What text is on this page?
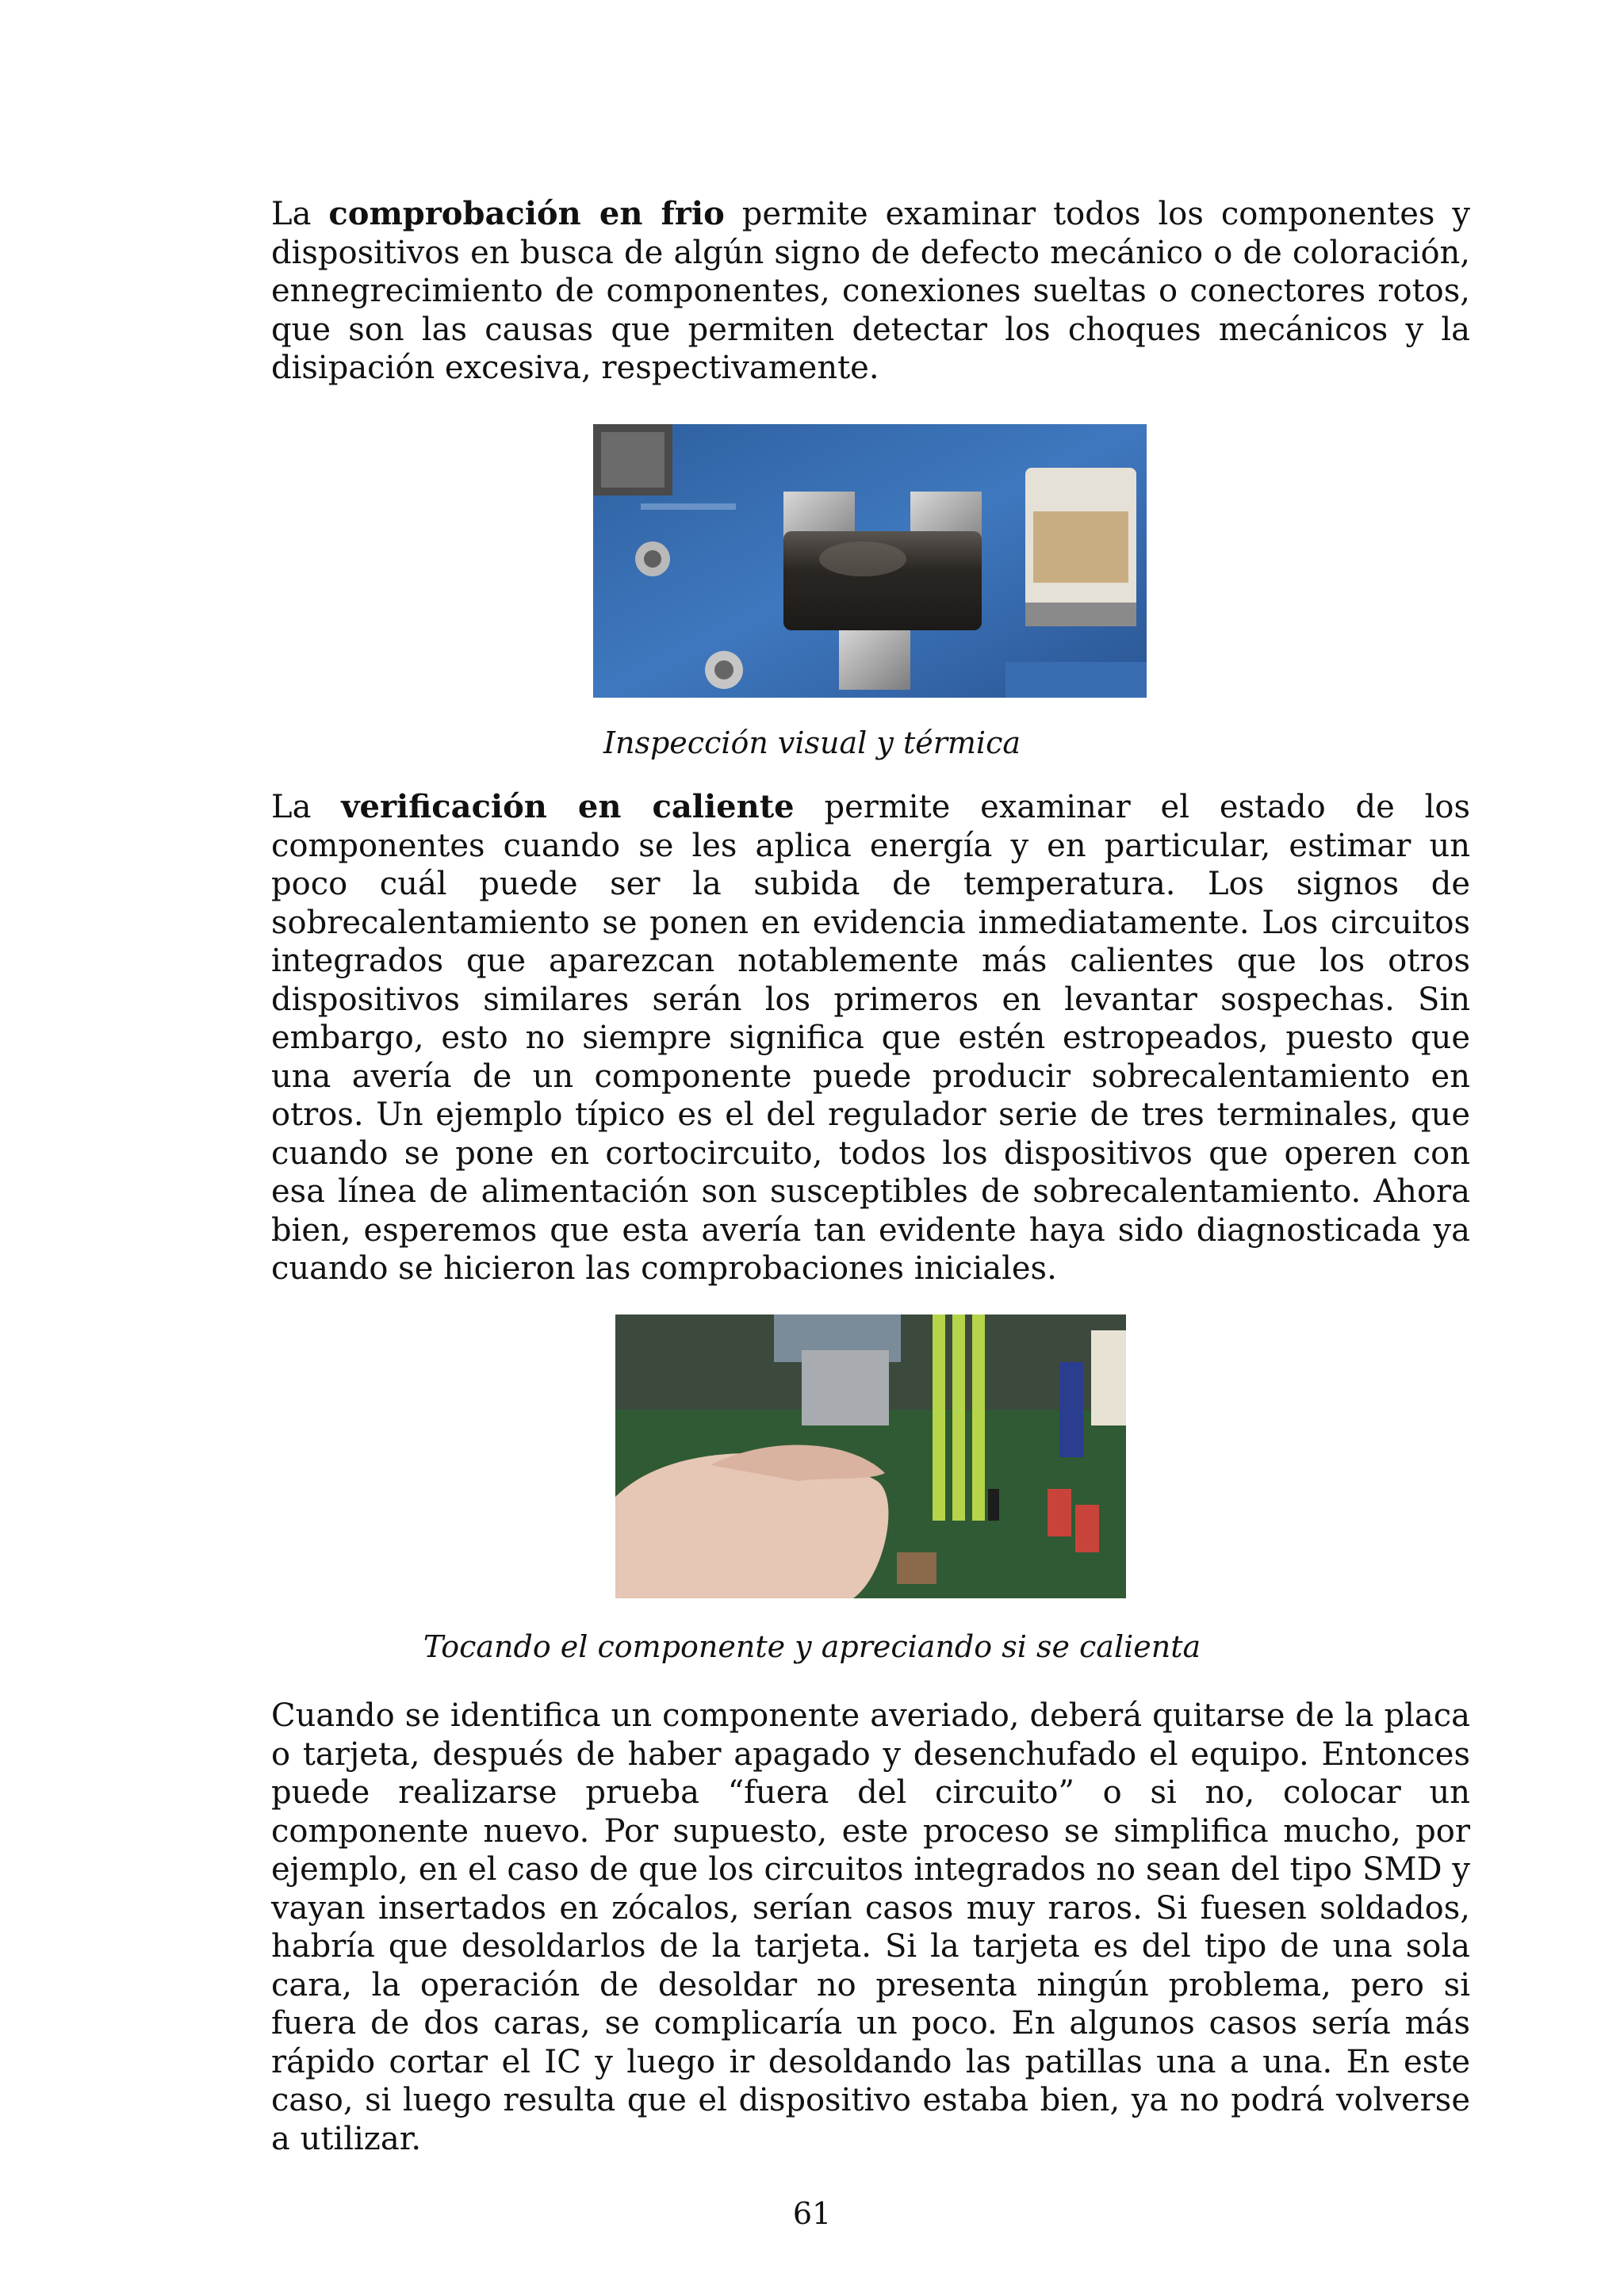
La comprobación en frio permite examinar todos los componentes y dispositivos en busca de algún signo de defecto mecánico o de coloración, ennegrecimiento de componentes, conexiones sueltas o conectores rotos, que son las causas que permiten detectar los choques mecánicos y la disipación excesiva, respectivamente.

Inspección visual y térmica

La verificación en caliente permite examinar el estado de los componentes cuando se les aplica energía y en particular, estimar un poco cuál puede ser la subida de temperatura. Los signos de sobrecalentamiento se ponen en evidencia inmediatamente. Los circuitos integrados que aparezcan notablemente más calientes que los otros dispositivos similares serán los primeros en levantar sospechas. Sin embargo, esto no siempre significa que estén estropeados, puesto que una avería de un componente puede producir sobrecalentamiento en otros. Un ejemplo típico es el del regulador serie de tres terminales, que cuando se pone en cortocircuito, todos los dispositivos que operen con esa línea de alimentación son susceptibles de sobrecalentamiento. Ahora bien, esperemos que esta avería tan evidente haya sido diagnosticada ya cuando se hicieron las comprobaciones iniciales.

Tocando el componente y apreciando si se calienta

Cuando se identifica un componente averiado, deberá quitarse de la placa o tarjeta, después de haber apagado y desenchufado el equipo. Entonces puede realizarse prueba “fuera del circuito” o si no, colocar un componente nuevo. Por supuesto, este proceso se simplifica mucho, por ejemplo, en el caso de que los circuitos integrados no sean del tipo SMD y vayan insertados en zócalos, serían casos muy raros. Si fuesen soldados, habría que desoldarlos de la tarjeta. Si la tarjeta es del tipo de una sola cara, la operación de desoldar no presenta ningún problema, pero si fuera de dos caras, se complicaría un poco. En algunos casos sería más rápido cortar el IC y luego ir desoldando las patillas una a una. En este caso, si luego resulta que el dispositivo estaba bien, ya no podrá volverse a utilizar.

61
